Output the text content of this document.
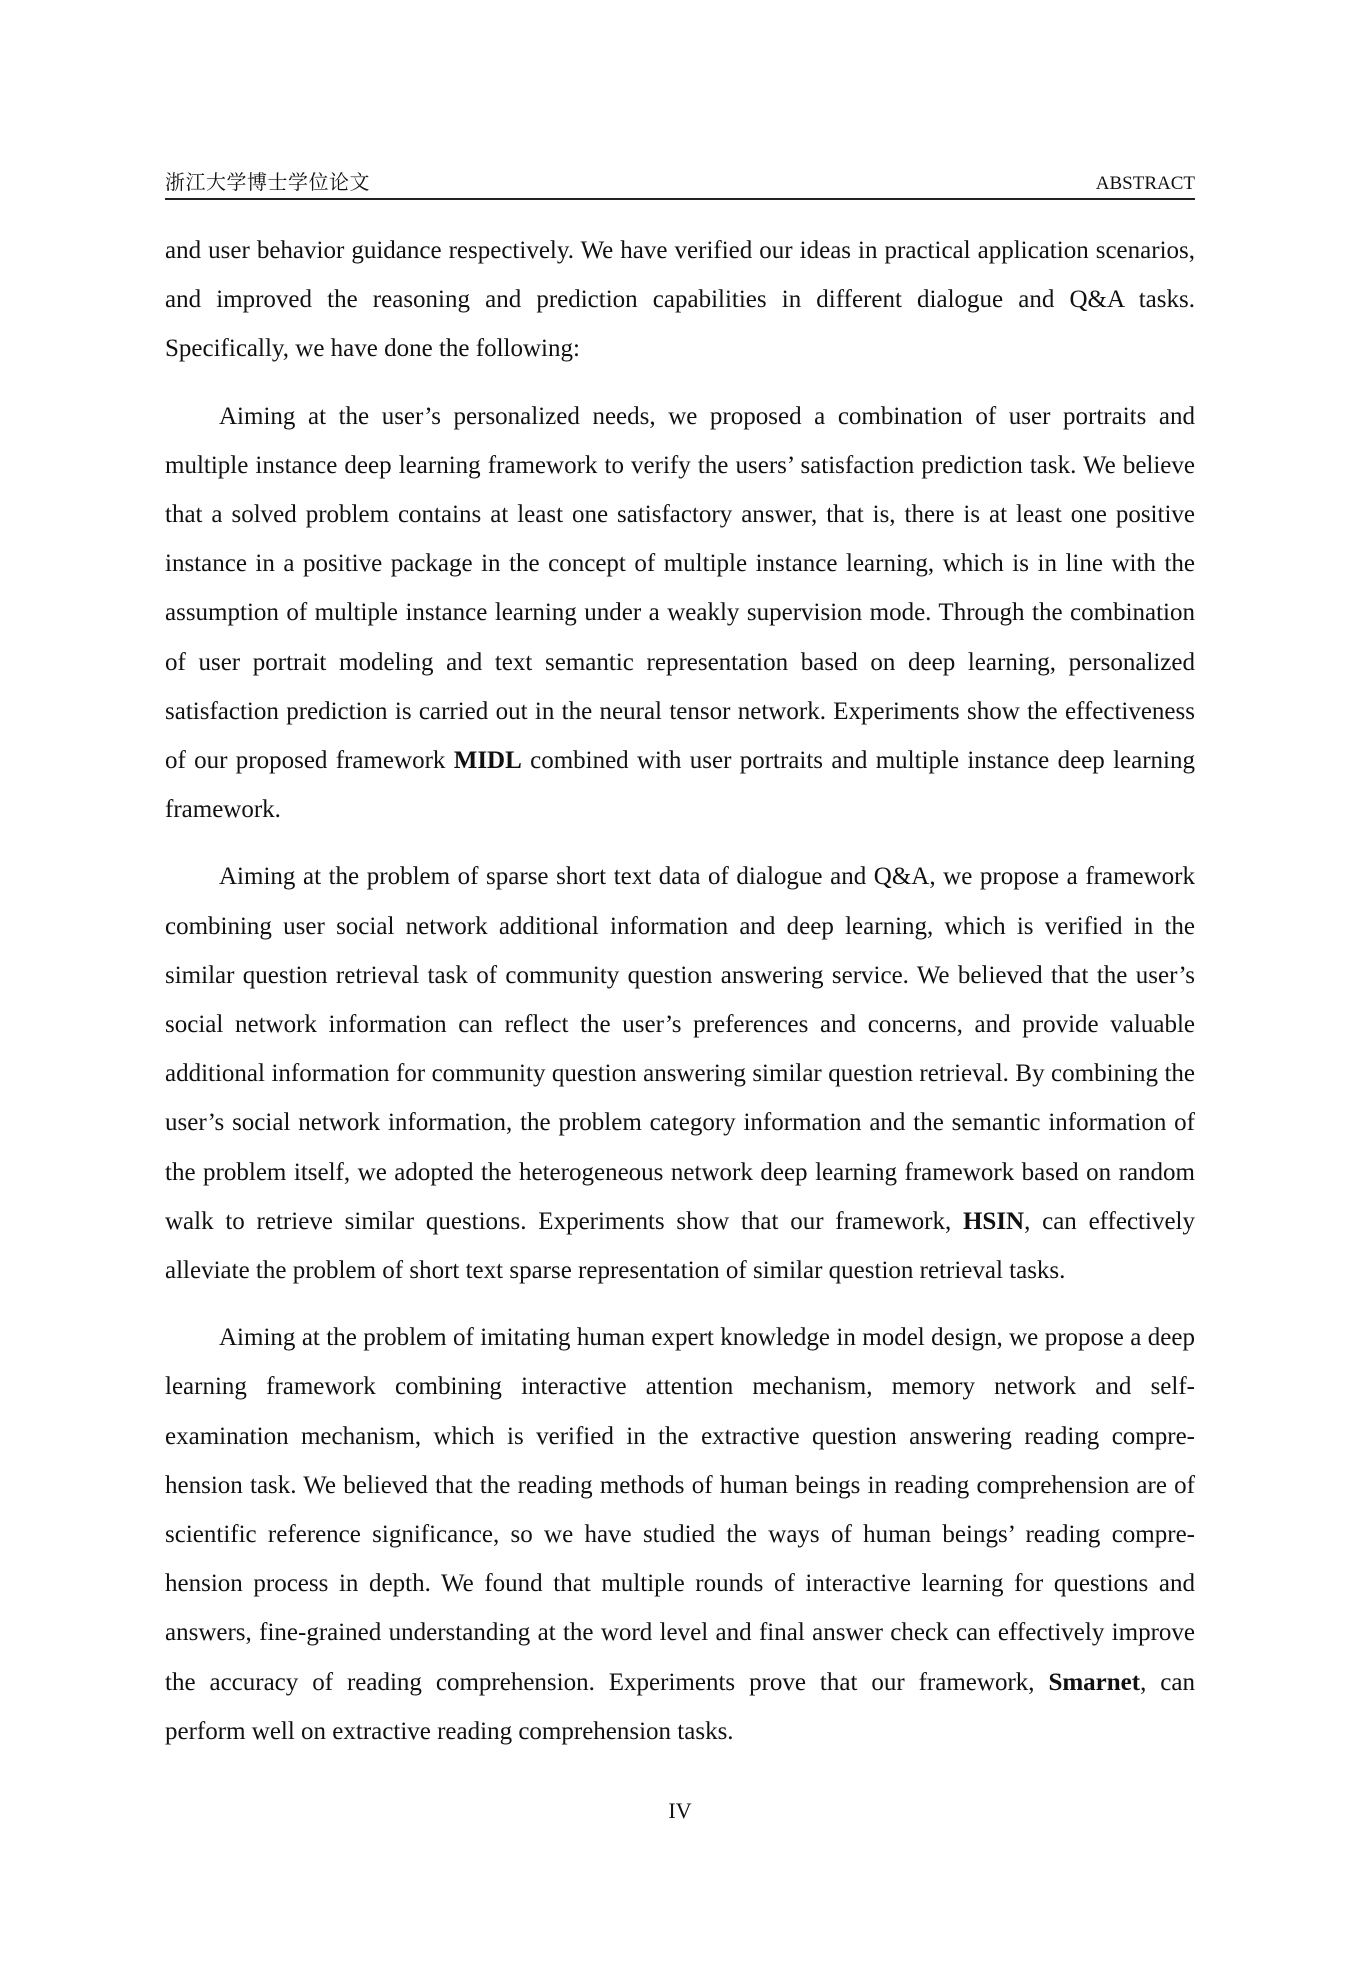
浙江大学博士学位论文	ABSTRACT

and user behavior guidance respectively. We have verified our ideas in practical application scenarios, and improved the reasoning and prediction capabilities in different dialogue and Q&A tasks. Specifically, we have done the following:

Aiming at the user’s personalized needs, we proposed a combination of user portraits and multiple instance deep learning framework to verify the users’ satisfaction prediction task. We believe that a solved problem contains at least one satisfactory answer, that is, there is at least one positive instance in a positive package in the concept of multiple instance learning, which is in line with the assumption of multiple instance learning under a weakly supervision mode. Through the combination of user portrait modeling and text semantic representation based on deep learning, personalized satisfaction prediction is carried out in the neural tensor network. Experiments show the effectiveness of our proposed framework MIDL combined with user portraits and multiple instance deep learning framework.

Aiming at the problem of sparse short text data of dialogue and Q&A, we propose a framework combining user social network additional information and deep learning, which is verified in the similar question retrieval task of community question answering service. We believed that the user’s social network information can reflect the user’s preferences and concerns, and provide valuable additional information for community question answering similar question retrieval. By combining the user’s social network information, the problem category information and the semantic information of the problem itself, we adopted the heterogeneous network deep learning framework based on random walk to retrieve similar questions. Experiments show that our framework, HSIN, can effectively alleviate the problem of short text sparse representation of similar question retrieval tasks.

Aiming at the problem of imitating human expert knowledge in model design, we propose a deep learning framework combining interactive attention mechanism, memory network and self-examination mechanism, which is verified in the extractive question answering reading comprehension task. We believed that the reading methods of human beings in reading comprehension are of scientific reference significance, so we have studied the ways of human beings’ reading comprehension process in depth. We found that multiple rounds of interactive learning for questions and answers, fine-grained understanding at the word level and final answer check can effectively improve the accuracy of reading comprehension. Experiments prove that our framework, Smarnet, can perform well on extractive reading comprehension tasks.

IV
